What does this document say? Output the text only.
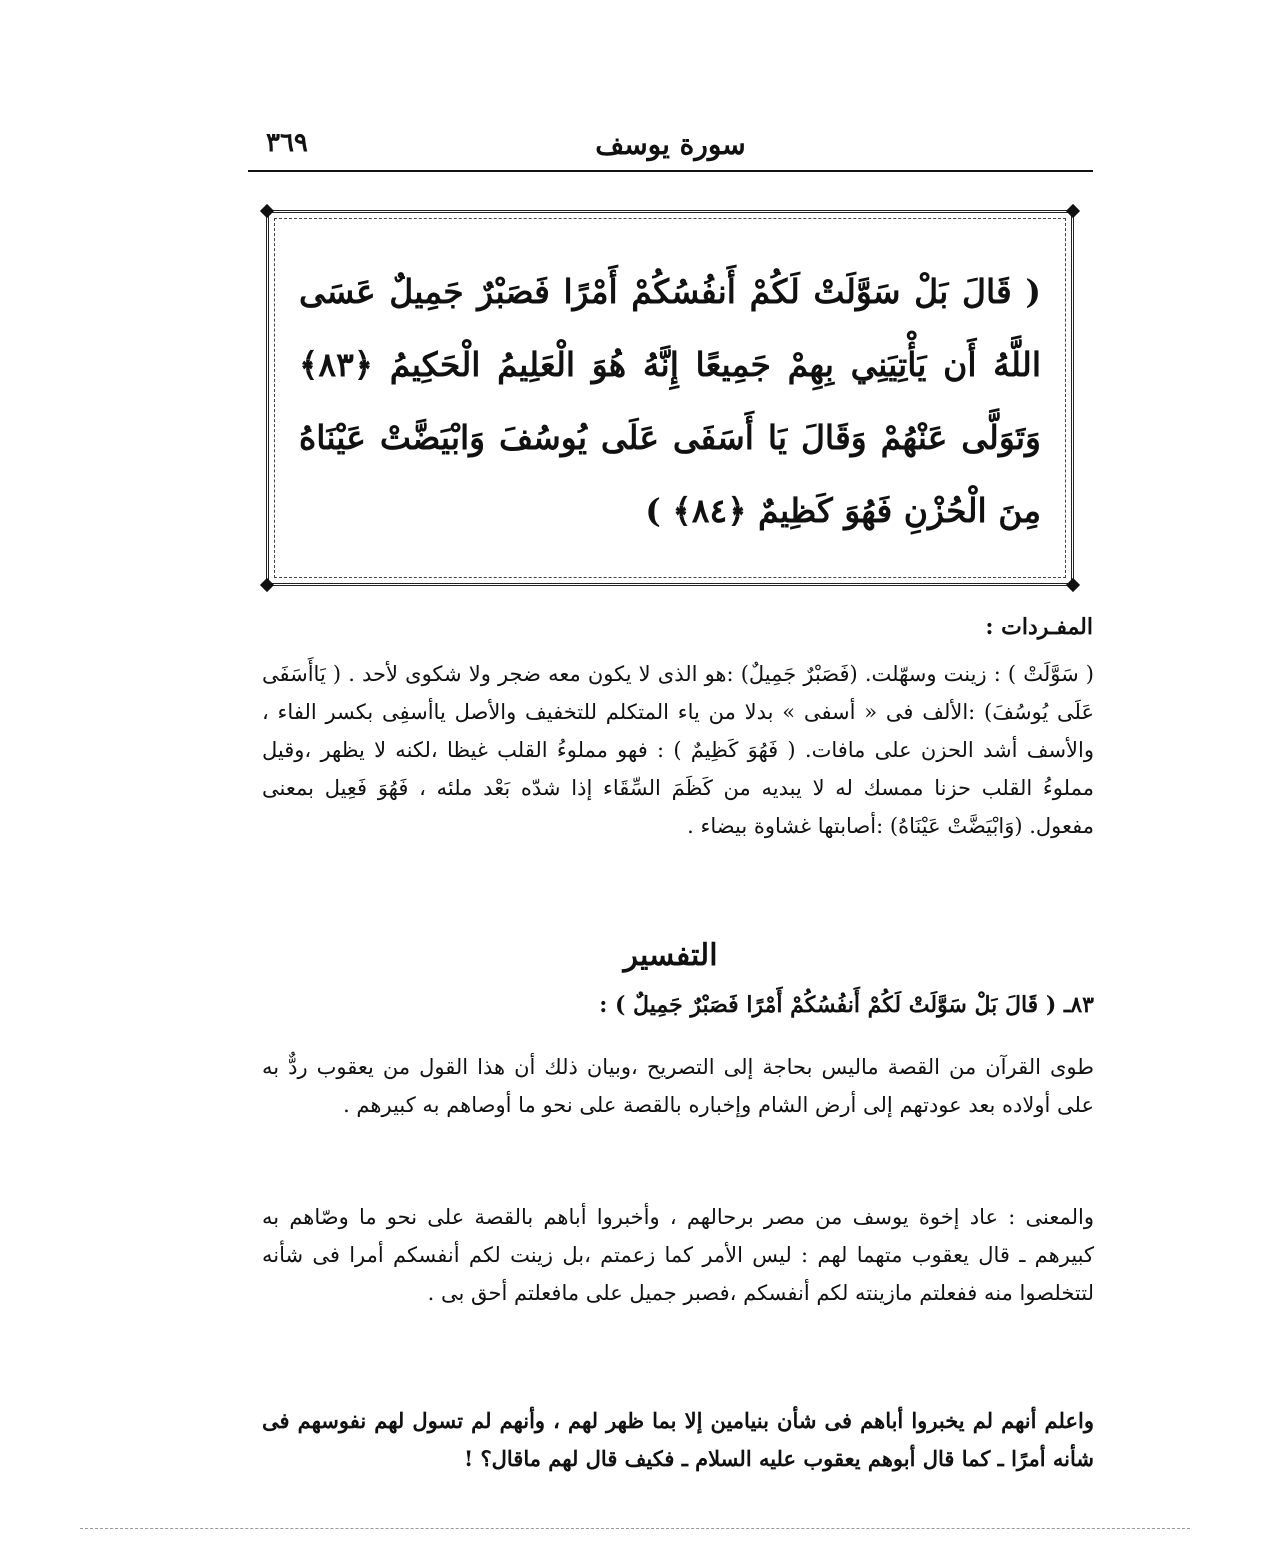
٣٦٩	سورة يوسف
( قَالَ بَلْ سَوَّلَتْ لَكُمْ أَنفُسُكُمْ أَمْرًا فَصَبْرٌ جَمِيلٌ عَسَى اللَّهُ أَن يَأْتِيَنِي بِهِمْ جَمِيعًا إِنَّهُ هُوَ الْعَلِيمُ الْحَكِيمُ ﴿٨٣﴾ وَتَوَلَّى عَنْهُمْ وَقَالَ يَا أَسَفَى عَلَى يُوسُفَ وَابْيَضَّتْ عَيْنَاهُ مِنَ الْحُزْنِ فَهُوَ كَظِيمٌ ﴿٨٤﴾ )
المفـردات :
( سَوَّلَتْ ) : زينت وسهّلت. (فَصَبْرٌ جَمِيلٌ) :هو الذى لا يكون معه ضجر ولا شكوى لأحد . ( يَاأَسَفَى عَلَى يُوسُفَ) :الألف فى « أسفى » بدلا من ياء المتكلم للتخفيف والأصل ياأسفِى بكسر الفاء ، والأسف أشد الحزن على مافات. ( فَهُوَ كَظِيمٌ ) : فهو مملوءُ القلب غيظا ،لكنه لا يظهر ،وقيل مملوءُ القلب حزنا ممسك له لا يبديه من كَظَمَ السِّقَاء إذا شدّه بَعْد ملئه ، فَهُوَ فَعِيل بمعنى مفعول. (وَابْيَضَّتْ عَيْنَاهُ) :أصابتها غشاوة بيضاء .
التفسير
٨٣ـ ( قَالَ بَلْ سَوَّلَتْ لَكُمْ أَنفُسُكُمْ أَمْرًا فَصَبْرٌ جَمِيلٌ ) :
طوى القرآن من القصة ماليس بحاجة إلى التصريح ،وبيان ذلك أن هذا القول من يعقوب ردٌّ به على أولاده بعد عودتهم إلى أرض الشام وإخباره بالقصة على نحو ما أوصاهم به كبيرهم .
والمعنى : عاد إخوة يوسف من مصر برحالهم ، وأخبروا أباهم بالقصة على نحو ما وصّاهم به كبيرهم ـ قال يعقوب متهما لهم : ليس الأمر كما زعمتم ،بل زينت لكم أنفسكم أمرا فى شأنه لتتخلصوا منه ففعلتم مازينته لكم أنفسكم ،فصبر جميل على مافعلتم أحق بى .
واعلم أنهم لم يخبروا أباهم فى شأن بنيامين إلا بما ظهر لهم ، وأنهم لم تسول لهم نفوسهم فى شأنه أمرًا ـ كما قال أبوهم يعقوب عليه السلام ـ فكيف قال لهم ماقال؟ !
